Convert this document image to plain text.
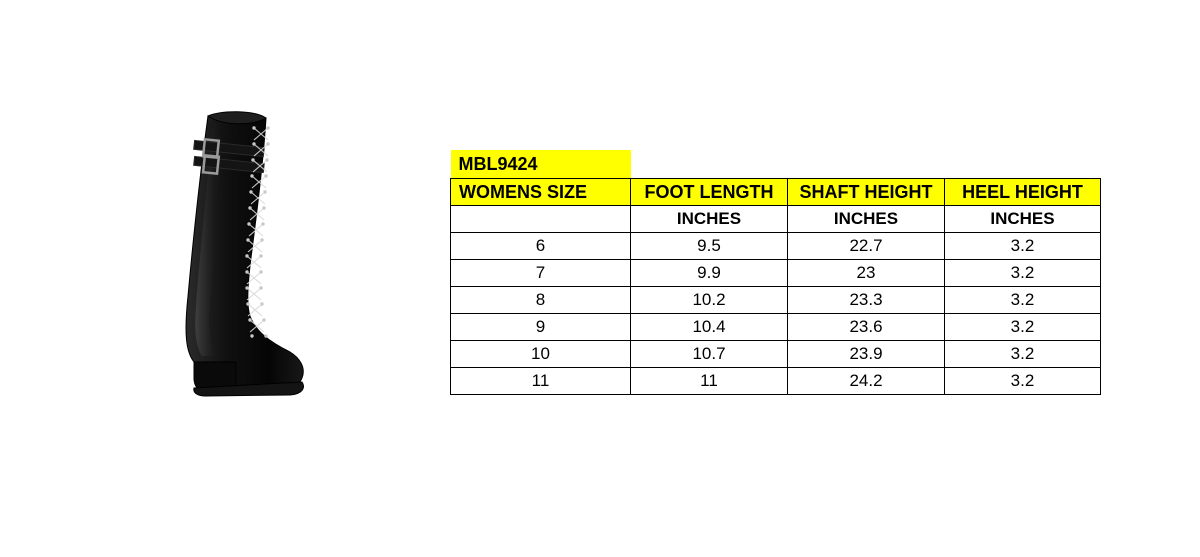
MBL9424			
WOMENS SIZE	FOOT LENGTH	SHAFT HEIGHT	HEEL HEIGHT
	INCHES	INCHES	INCHES
6	9.5	22.7	3.2
7	9.9	23	3.2
8	10.2	23.3	3.2
9	10.4	23.6	3.2
10	10.7	23.9	3.2
11	11	24.2	3.2
